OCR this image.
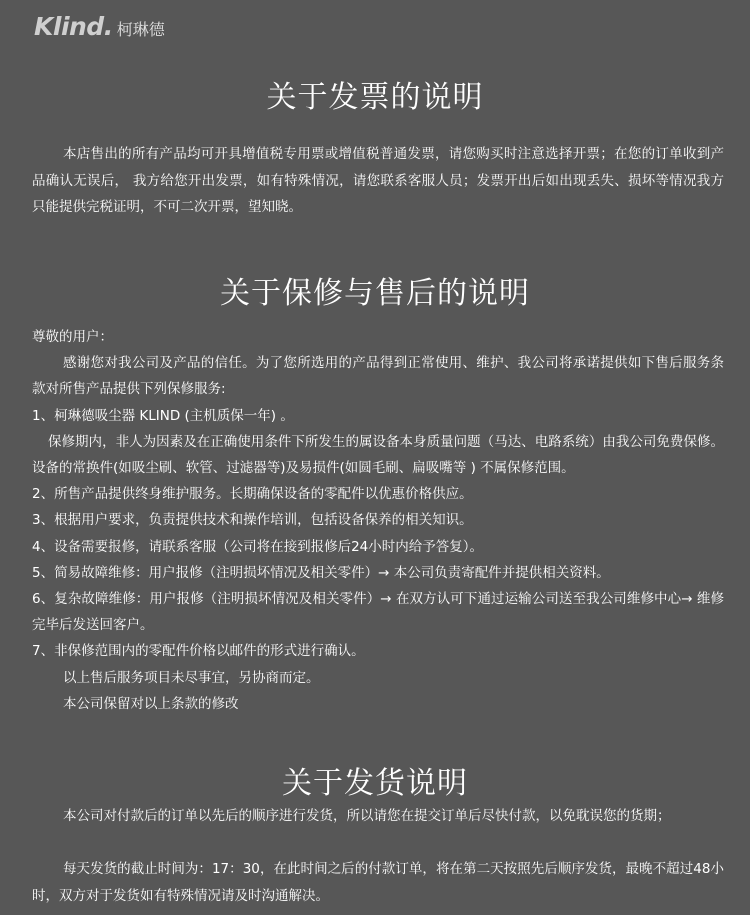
Klind. 柯琳德
关于发票的说明

本店售出的所有产品均可开具增值税专用票或增值税普通发票，请您购买时注意选择开票；在您的订单收到产品确认无误后， 我方给您开出发票，如有特殊情况，请您联系客服人员；发票开出后如出现丢失、损坏等情况我方只能提供完税证明，不可二次开票，望知晓。

关于保修与售后的说明

尊敬的用户：

感谢您对我公司及产品的信任。为了您所选用的产品得到正常使用、维护、我公司将承诺提供如下售后服务条款对所售产品提供下列保修服务:

1、柯琳德吸尘器 KLIND (主机质保一年) 。

保修期内，非人为因素及在正确使用条件下所发生的属设备本身质量问题（马达、电路系统）由我公司免费保修。设备的常换件(如吸尘刷、软管、过滤器等)及易损件(如圆毛刷、扁吸嘴等 ) 不属保修范围。

2、所售产品提供终身维护服务。长期确保设备的零配件以优惠价格供应。

3、根据用户要求，负责提供技术和操作培训，包括设备保养的相关知识。

4、设备需要报修，请联系客服（公司将在接到报修后24小时内给予答复）。

5、简易故障维修：用户报修（注明损坏情况及相关零件）→ 本公司负责寄配件并提供相关资料。

6、复杂故障维修：用户报修（注明损坏情况及相关零件）→ 在双方认可下通过运输公司送至我公司维修中心→ 维修完毕后发送回客户。

7、非保修范围内的零配件价格以邮件的形式进行确认。

以上售后服务项目未尽事宜，另协商而定。

本公司保留对以上条款的修改

关于发货说明

本公司对付款后的订单以先后的顺序进行发货，所以请您在提交订单后尽快付款，以免耽误您的货期；

每天发货的截止时间为：17：30，在此时间之后的付款订单，将在第二天按照先后顺序发货，最晚不超过48小时，双方对于发货如有特殊情况请及时沟通解决。
